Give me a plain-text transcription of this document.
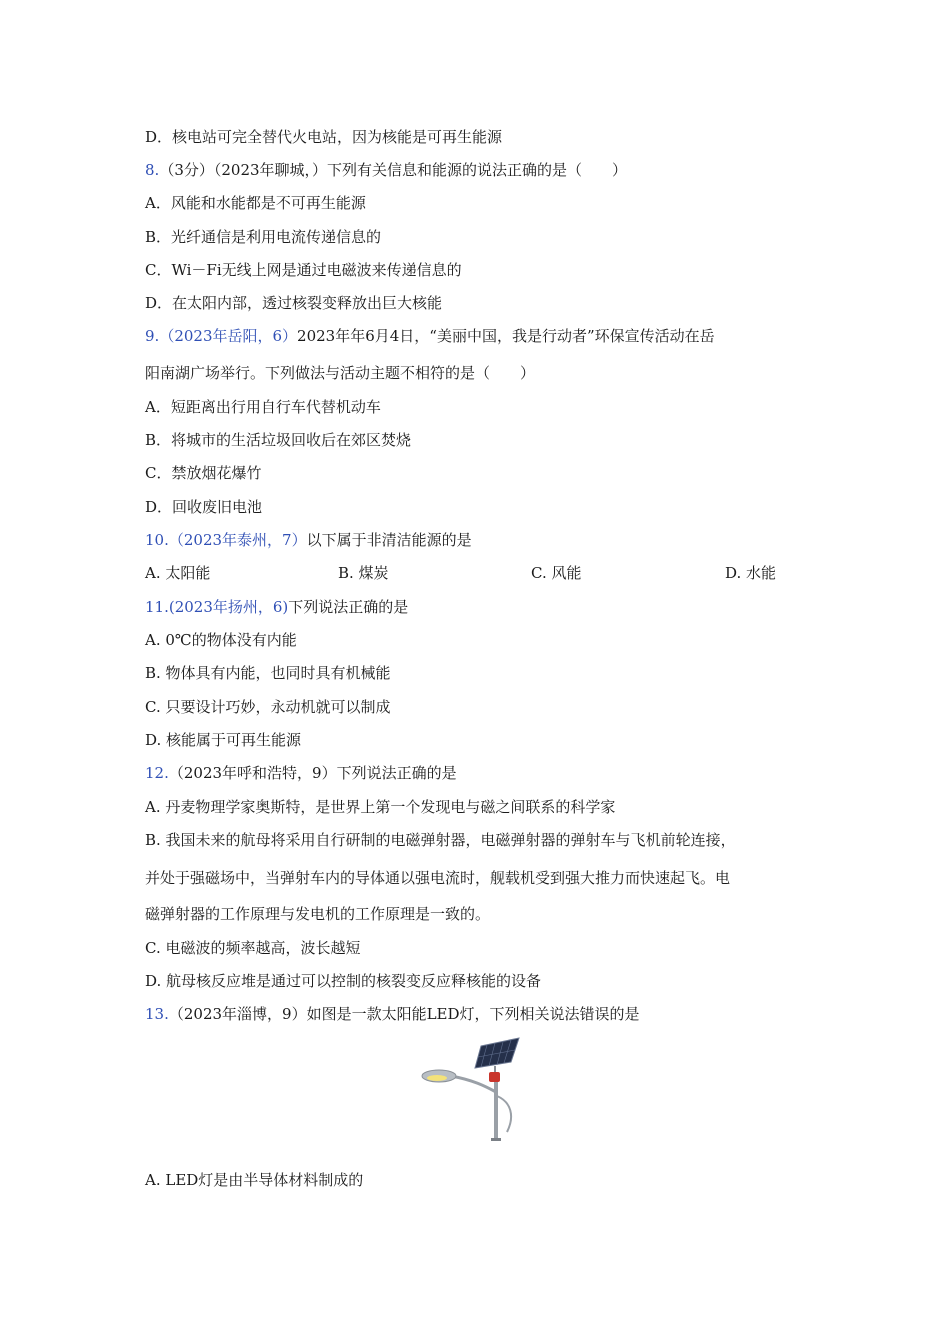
D．核电站可完全替代火电站，因为核能是可再生能源
8.（3分）（2023年聊城，）下列有关信息和能源的说法正确的是（　　）
A．风能和水能都是不可再生能源
B．光纤通信是利用电流传递信息的
C．Wi－Fi无线上网是通过电磁波来传递信息的
D．在太阳内部，透过核裂变释放出巨大核能
9.（2023年岳阳，6）2023年年6月4日，“美丽中国，我是行动者”环保宣传活动在岳
阳南湖广场举行。下列做法与活动主题不相符的是（　　）
A．短距离出行用自行车代替机动车
B．将城市的生活垃圾回收后在郊区焚烧
C．禁放烟花爆竹
D．回收废旧电池
10.（2023年泰州，7）以下属于非清洁能源的是
A. 太阳能	B. 煤炭	C. 风能	D. 水能
11.(2023年扬州，6)下列说法正确的是
A. 0℃的物体没有内能
B. 物体具有内能，也同时具有机械能
C. 只要设计巧妙，永动机就可以制成
D. 核能属于可再生能源
12.（2023年呼和浩特，9）下列说法正确的是
A. 丹麦物理学家奥斯特，是世界上第一个发现电与磁之间联系的科学家
B. 我国未来的航母将采用自行研制的电磁弹射器，电磁弹射器的弹射车与飞机前轮连接，
并处于强磁场中，当弹射车内的导体通以强电流时，舰载机受到强大推力而快速起飞。电
磁弹射器的工作原理与发电机的工作原理是一致的。
C. 电磁波的频率越高，波长越短
D. 航母核反应堆是通过可以控制的核裂变反应释核能的设备
13.（2023年淄博，9）如图是一款太阳能LED灯，下列相关说法错误的是
A. LED灯是由半导体材料制成的
